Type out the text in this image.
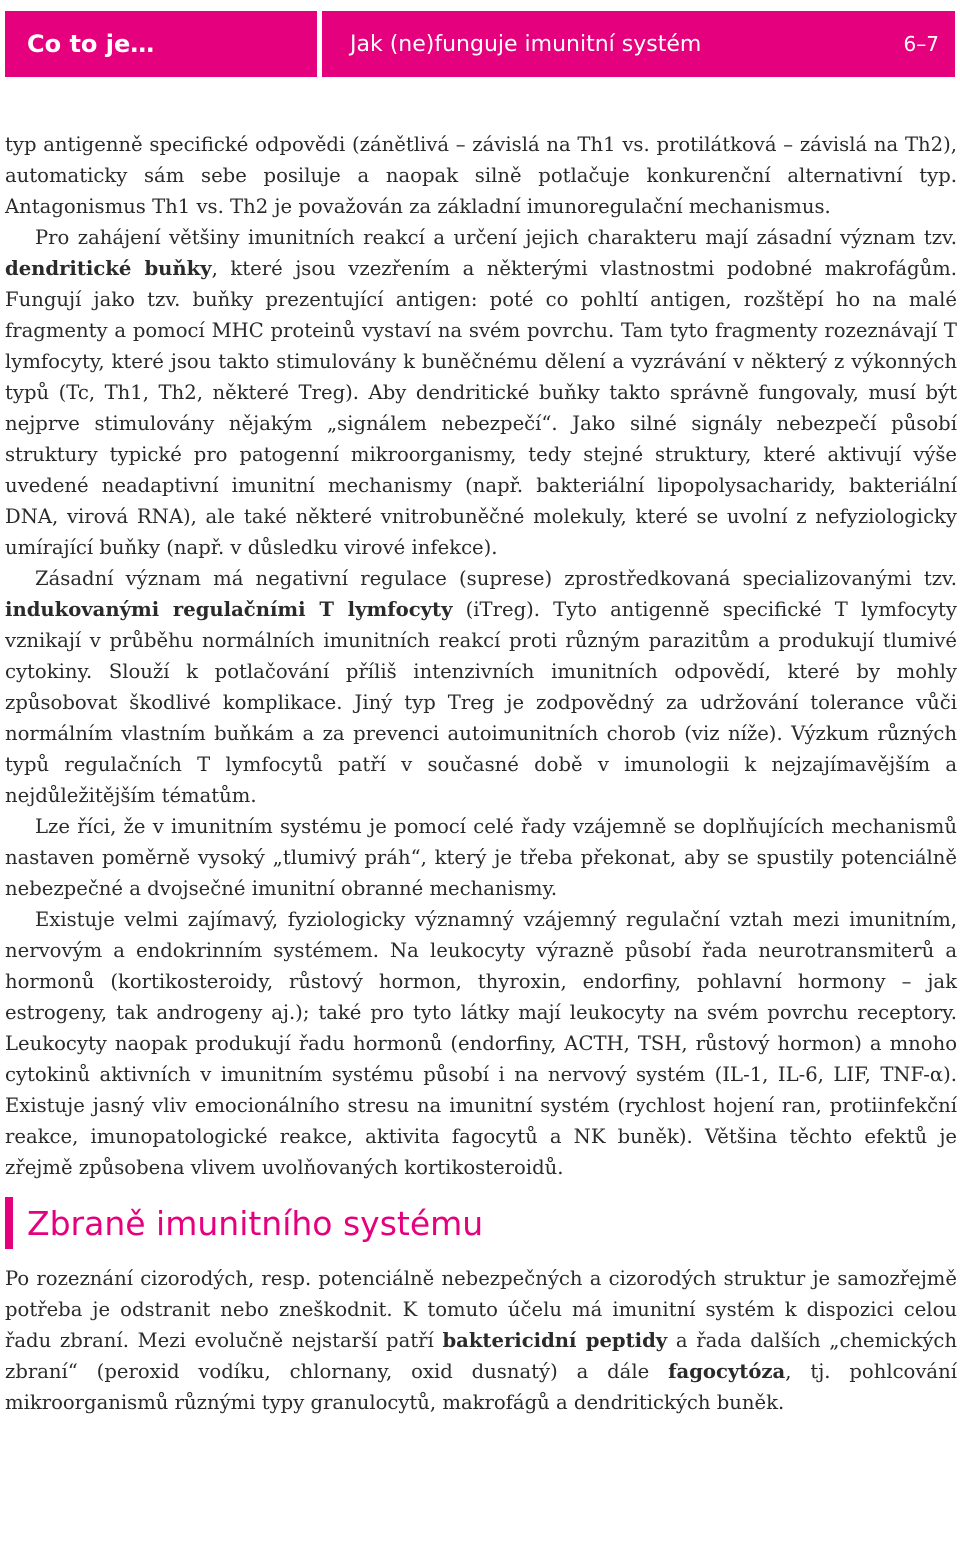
Co to je…	Jak (ne)funguje imunitní systém	6–7

typ antigenně specifické odpovědi (zánětlivá – závislá na Th1 vs. protilátková – závislá na Th2), automaticky sám sebe posiluje a naopak silně potlačuje konkurenční alternativní typ. Antagonismus Th1 vs. Th2 je považován za základní imunoregulační mechanismus.

Pro zahájení většiny imunitních reakcí a určení jejich charakteru mají zásadní význam tzv. dendritické buňky, které jsou vzezřením a některými vlastnostmi podobné makrofágům. Fungují jako tzv. buňky prezentující antigen: poté co pohltí antigen, rozštěpí ho na malé fragmenty a pomocí MHC proteinů vystaví na svém povrchu. Tam tyto fragmenty rozeznávají T lymfocyty, které jsou takto stimulovány k buněčnému dělení a vyzrávání v některý z výkonných typů (Tc, Th1, Th2, některé Treg). Aby dendritické buňky takto správně fungovaly, musí být nejprve stimulovány nějakým „signálem nebezpečí“. Jako silné signály nebezpečí působí struktury typické pro patogenní mikroorganismy, tedy stejné struktury, které aktivují výše uvedené neadaptivní imunitní mechanismy (např. bakteriální lipopolysacharidy, bakteriální DNA, virová RNA), ale také některé vnitrobuněčné molekuly, které se uvolní z nefyziologicky umírající buňky (např. v důsledku virové infekce).

Zásadní význam má negativní regulace (suprese) zprostředkovaná specializovanými tzv. indukovanými regulačními T lymfocyty (iTreg). Tyto antigenně specifické T lymfocyty vznikají v průběhu normálních imunitních reakcí proti různým parazitům a produkují tlumivé cytokiny. Slouží k potlačování příliš intenzivních imunitních odpovědí, které by mohly způsobovat škodlivé komplikace. Jiný typ Treg je zodpovědný za udržování tolerance vůči normálním vlastním buňkám a za prevenci autoimunitních chorob (viz níže). Výzkum různých typů regulačních T lymfocytů patří v současné době v imunologii k nejzajímavějším a nejdůležitějším tématům.

Lze říci, že v imunitním systému je pomocí celé řady vzájemně se doplňujících mechanismů nastaven poměrně vysoký „tlumivý práh“, který je třeba překonat, aby se spustily potenciálně nebezpečné a dvojsečné imunitní obranné mechanismy.

Existuje velmi zajímavý, fyziologicky významný vzájemný regulační vztah mezi imunitním, nervovým a endokrinním systémem. Na leukocyty výrazně působí řada neurotransmiterů a hormonů (kortikosteroidy, růstový hormon, thyroxin, endorfiny, pohlavní hormony – jak estrogeny, tak androgeny aj.); také pro tyto látky mají leukocyty na svém povrchu receptory. Leukocyty naopak produkují řadu hormonů (endorfiny, ACTH, TSH, růstový hormon) a mnoho cytokinů aktivních v imunitním systému působí i na nervový systém (IL-1, IL-6, LIF, TNF-α). Existuje jasný vliv emocionálního stresu na imunitní systém (rychlost hojení ran, protiinfekční reakce, imunopatologické reakce, aktivita fagocytů a NK buněk). Většina těchto efektů je zřejmě způsobena vlivem uvolňovaných kortikosteroidů.

Zbraně imunitního systému

Po rozeznání cizorodých, resp. potenciálně nebezpečných a cizorodých struktur je samozřejmě potřeba je odstranit nebo zneškodnit. K tomuto účelu má imunitní systém k dispozici celou řadu zbraní. Mezi evolučně nejstarší patří baktericidní peptidy a řada dalších „chemických zbraní“ (peroxid vodíku, chlornany, oxid dusnatý) a dále fagocytóza, tj. pohlcování mikroorganismů různými typy granulocytů, makrofágů a dendritických buněk.
